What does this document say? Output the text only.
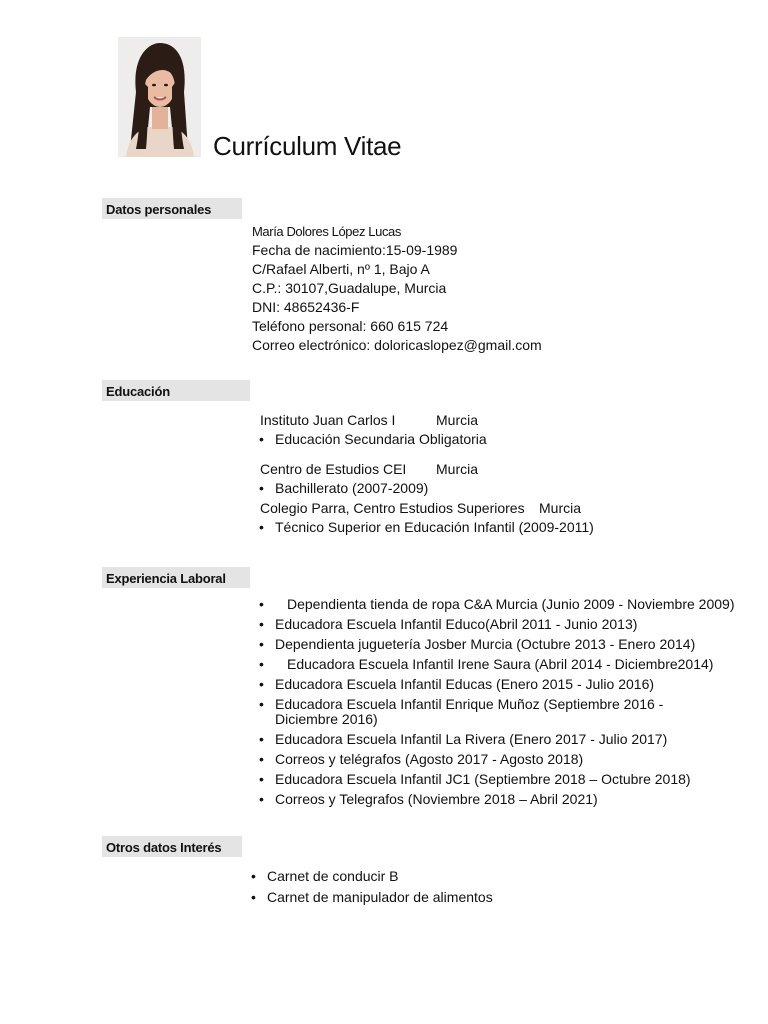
Currículum Vitae
Datos personales
María Dolores López Lucas
Fecha de nacimiento:15-09-1989
C/Rafael Alberti, nº 1, Bajo A
C.P.: 30107,Guadalupe, Murcia
DNI: 48652436-F
Teléfono personal: 660 615 724
Correo electrónico: doloricaslopez@gmail.com
Educación
Instituto Juan Carlos I	Murcia
• Educación Secundaria Obligatoria
Centro de Estudios CEI Murcia
• Bachillerato (2007-2009)
Colegio Parra, Centro Estudios Superiores Murcia
• Técnico Superior en Educación Infantil (2009-2011)
Experiencia Laboral
• Dependienta tienda de ropa C&A Murcia (Junio 2009 - Noviembre 2009)
• Educadora Escuela Infantil Educo(Abril 2011 - Junio 2013)
• Dependienta juguetería Josber Murcia (Octubre 2013 - Enero 2014)
• Educadora Escuela Infantil Irene Saura (Abril 2014 - Diciembre2014)
• Educadora Escuela Infantil Educas (Enero 2015 - Julio 2016)
• Educadora Escuela Infantil Enrique Muñoz (Septiembre 2016 -
Diciembre 2016)
• Educadora Escuela Infantil La Rivera (Enero 2017 - Julio 2017)
• Correos y telégrafos (Agosto 2017 - Agosto 2018)
• Educadora Escuela Infantil JC1 (Septiembre 2018 – Octubre 2018)
• Correos y Telegrafos (Noviembre 2018 – Abril 2021)
Otros datos Interés
• Carnet de conducir B
• Carnet de manipulador de alimentos
